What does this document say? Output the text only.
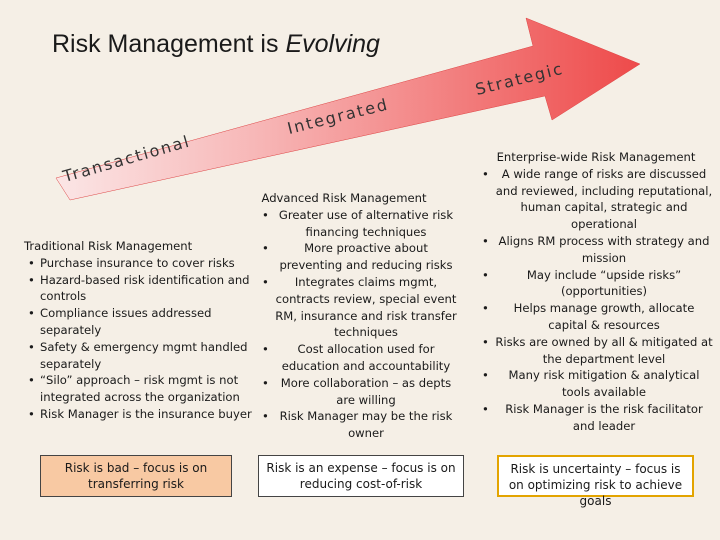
Risk Management is Evolving
Transactional
Integrated
Strategic
Traditional Risk Management
• Purchase insurance to cover risks
• Hazard-based risk identification and controls
• Compliance issues addressed separately
• Safety & emergency mgmt handled separately
• “Silo” approach – risk mgmt is not integrated across the organization
• Risk Manager is the insurance buyer
Advanced Risk Management
• Greater use of alternative risk financing techniques
• More proactive about preventing and reducing risks
• Integrates claims mgmt, contracts review, special event RM, insurance and risk transfer techniques
• Cost allocation used for education and accountability
• More collaboration – as depts are willing
• Risk Manager may be the risk owner
Enterprise-wide Risk Management
• A wide range of risks are discussed and reviewed, including reputational, human capital, strategic and operational
• Aligns RM process with strategy and mission
• May include “upside risks” (opportunities)
• Helps manage growth, allocate capital & resources
• Risks are owned by all & mitigated at the department level
• Many risk mitigation & analytical tools available
• Risk Manager is the risk facilitator and leader
Risk is bad – focus is on transferring risk
Risk is an expense – focus is on reducing cost-of-risk
Risk is uncertainty – focus is on optimizing risk to achieve goals
